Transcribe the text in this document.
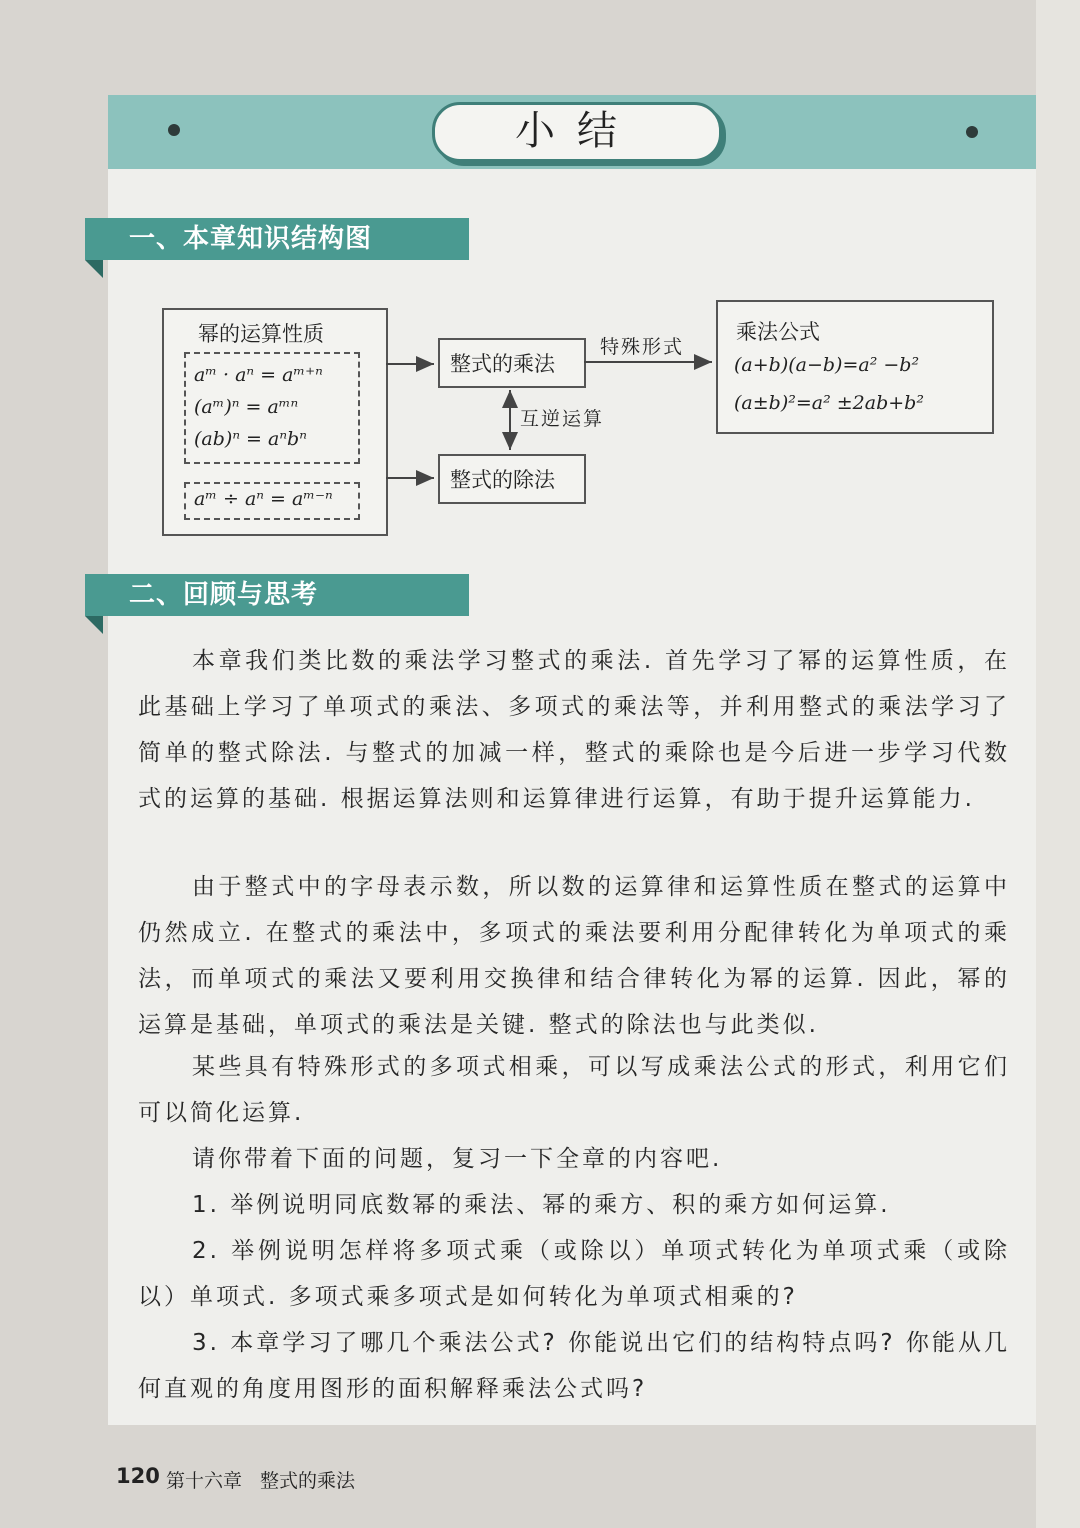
小结
一、本章知识结构图
幂的运算性质
aᵐ · aⁿ = aᵐ⁺ⁿ
(aᵐ)ⁿ = aᵐⁿ
(ab)ⁿ = aⁿbⁿ
aᵐ ÷ aⁿ = aᵐ⁻ⁿ
整式的乘法
整式的除法
乘法公式
(a+b)(a−b)=a² −b²
(a±b)²=a² ±2ab+b²
特殊形式
互逆运算
二、回顾与思考
本章我们类比数的乘法学习整式的乘法. 首先学习了幂的运算性质，在此基础上学习了单项式的乘法、多项式的乘法等，并利用整式的乘法学习了简单的整式除法. 与整式的加减一样，整式的乘除也是今后进一步学习代数式的运算的基础. 根据运算法则和运算律进行运算，有助于提升运算能力.
由于整式中的字母表示数，所以数的运算律和运算性质在整式的运算中仍然成立. 在整式的乘法中，多项式的乘法要利用分配律转化为单项式的乘法，而单项式的乘法又要利用交换律和结合律转化为幂的运算. 因此，幂的运算是基础，单项式的乘法是关键. 整式的除法也与此类似.
某些具有特殊形式的多项式相乘，可以写成乘法公式的形式，利用它们可以简化运算.
请你带着下面的问题，复习一下全章的内容吧.
1. 举例说明同底数幂的乘法、幂的乘方、积的乘方如何运算.
2. 举例说明怎样将多项式乘（或除以）单项式转化为单项式乘（或除以）单项式. 多项式乘多项式是如何转化为单项式相乘的?
3. 本章学习了哪几个乘法公式? 你能说出它们的结构特点吗? 你能从几何直观的角度用图形的面积解释乘法公式吗?
120 第十六章 整式的乘法
